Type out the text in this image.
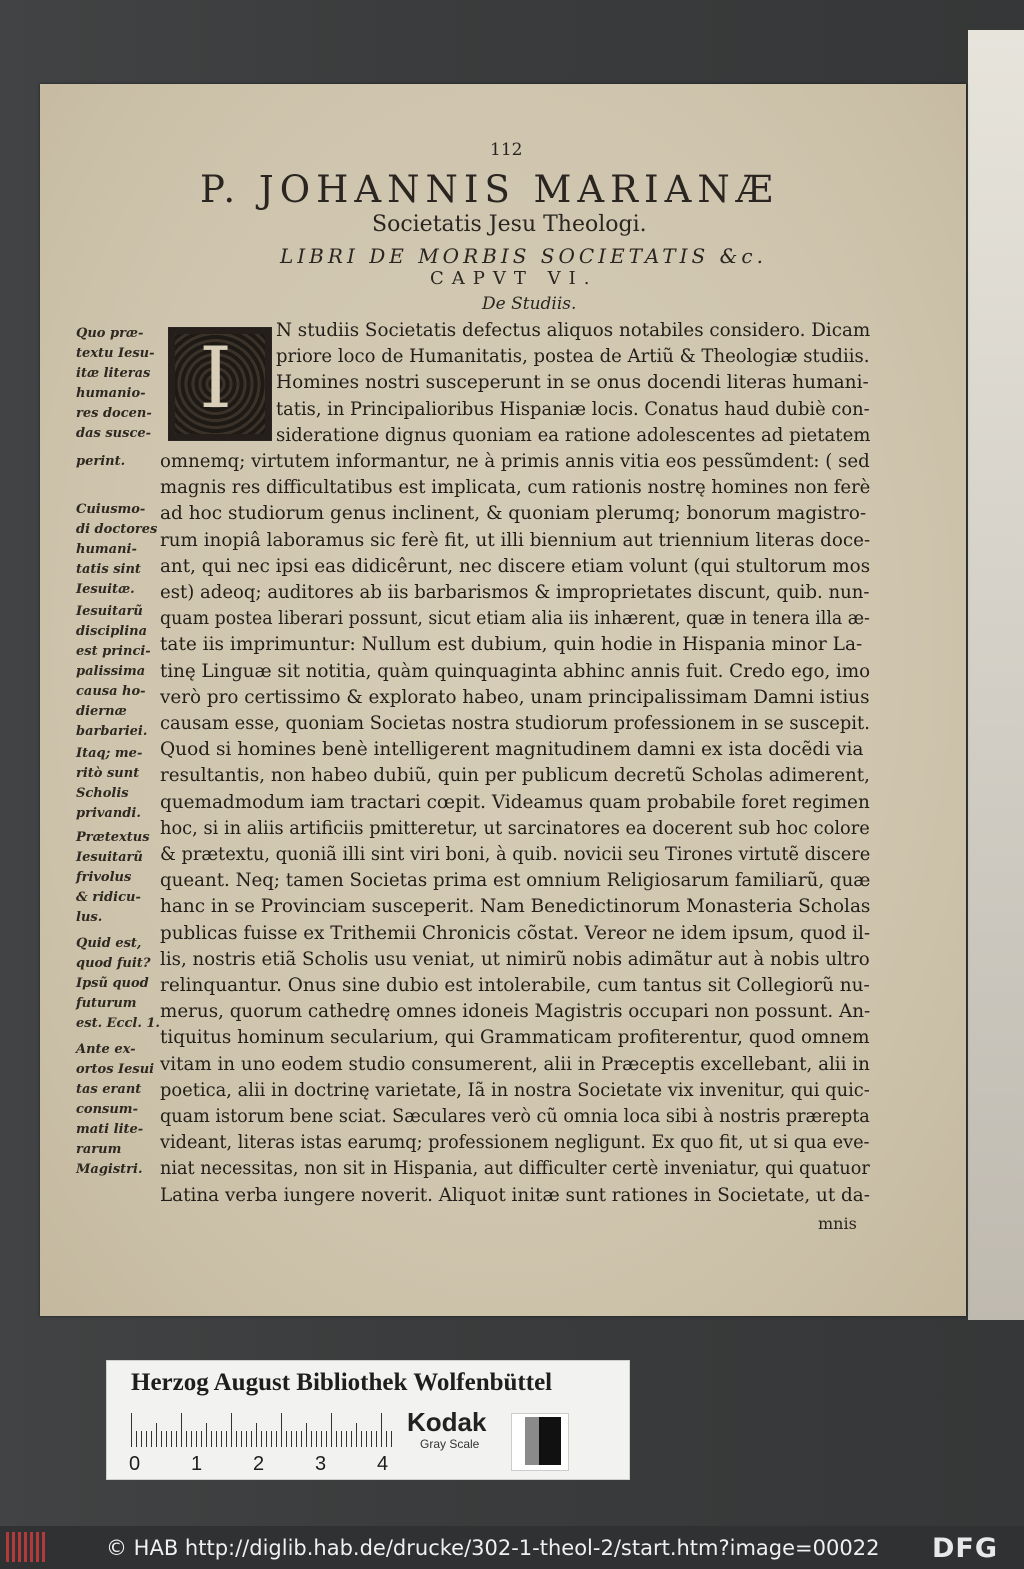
112
P. JOHANNIS MARIANÆ
Societatis Jesu Theologi.
LIBRI DE MORBIS SOCIETATIS &c.
CAPVT VI.
De Studiis.
I N studiis Societatis defectus aliquos notabiles considero. Dicam
priore loco de Humanitatis, postea de Artiũ & Theologiæ studiis.
Homines nostri susceperunt in se onus docendi literas humani-
tatis, in Principalioribus Hispaniæ locis. Conatus haud dubiè con-
sideratione dignus quoniam ea ratione adolescentes ad pietatem
omnemq; virtutem informantur, ne à primis annis vitia eos pessũmdent: ( sed
magnis res difficultatibus est implicata, cum rationis nostrę homines non ferè
ad hoc studiorum genus inclinent, & quoniam plerumq; bonorum magistro-
rum inopiâ laboramus sic ferè fit, ut illi biennium aut triennium literas doce-
ant, qui nec ipsi eas didicêrunt, nec discere etiam volunt (qui stultorum mos
est) adeoq; auditores ab iis barbarismos & improprietates discunt, quib. nun-
quam postea liberari possunt, sicut etiam alia iis inhærent, quæ in tenera illa æ-
tate iis imprimuntur: Nullum est dubium, quin hodie in Hispania minor La-
tinę Linguæ sit notitia, quàm quinquaginta abhinc annis fuit. Credo ego, imo
verò pro certissimo & explorato habeo, unam principalissimam Damni istius
causam esse, quoniam Societas nostra studiorum professionem in se suscepit.
Quod si homines benè intelligerent magnitudinem damni ex ista docẽdi via
resultantis, non habeo dubiũ, quin per publicum decretũ Scholas adimerent,
quemadmodum iam tractari cœpit. Videamus quam probabile foret regimen
hoc, si in aliis artificiis pmitteretur, ut sarcinatores ea docerent sub hoc colore
& prætextu, quoniã illi sint viri boni, à quib. novicii seu Tirones virtutẽ discere
queant. Neq; tamen Societas prima est omnium Religiosarum familiarũ, quæ
hanc in se Provinciam susceperit. Nam Benedictinorum Monasteria Scholas
publicas fuisse ex Trithemii Chronicis cõstat. Vereor ne idem ipsum, quod il-
lis, nostris etiã Scholis usu veniat, ut nimirũ nobis adimãtur aut à nobis ultro
relinquantur. Onus sine dubio est intolerabile, cum tantus sit Collegiorũ nu-
merus, quorum cathedrę omnes idoneis Magistris occupari non possunt. An-
tiquitus hominum secularium, qui Grammaticam profiterentur, quod omnem
vitam in uno eodem studio consumerent, alii in Præceptis excellebant, alii in
poetica, alii in doctrinę varietate, Iã in nostra Societate vix invenitur, qui quic-
quam istorum bene sciat. Sæculares verò cũ omnia loca sibi à nostris præreptа
videant, literas istas earumq; professionem negligunt. Ex quo fit, ut si qua eve-
niat necessitas, non sit in Hispania, aut difficulter certè inveniatur, qui quatuor
Latina verba iungere noverit. Aliquot initæ sunt rationes in Societate, ut da-
Quo præ-
textu Iesu-
itæ literas
humanio-
res docen-
das susce-
perint.
Cuiusmo-
di doctores
humani-
tatis sint
Iesuitæ.
Iesuitarũ
disciplina
est princi-
palissima
causa ho-
diernæ
barbariei.
Itaq; me-
ritò sunt
Scholis
privandi.
Prætextus
Iesuitarũ
frivolus
& ridicu-
lus.
Quid est,
quod fuit?
Ipsũ quod
futurum
est. Eccl. 1.
Ante ex-
ortos Iesui
tas erant
consum-
mati lite-
rarum
Magistri.
mnis
Herzog August Bibliothek Wolfenbüttel
0	1	2	3	4
Kodak
Gray Scale
© HAB http://diglib.hab.de/drucke/302-1-theol-2/start.htm?image=00022 DFG
